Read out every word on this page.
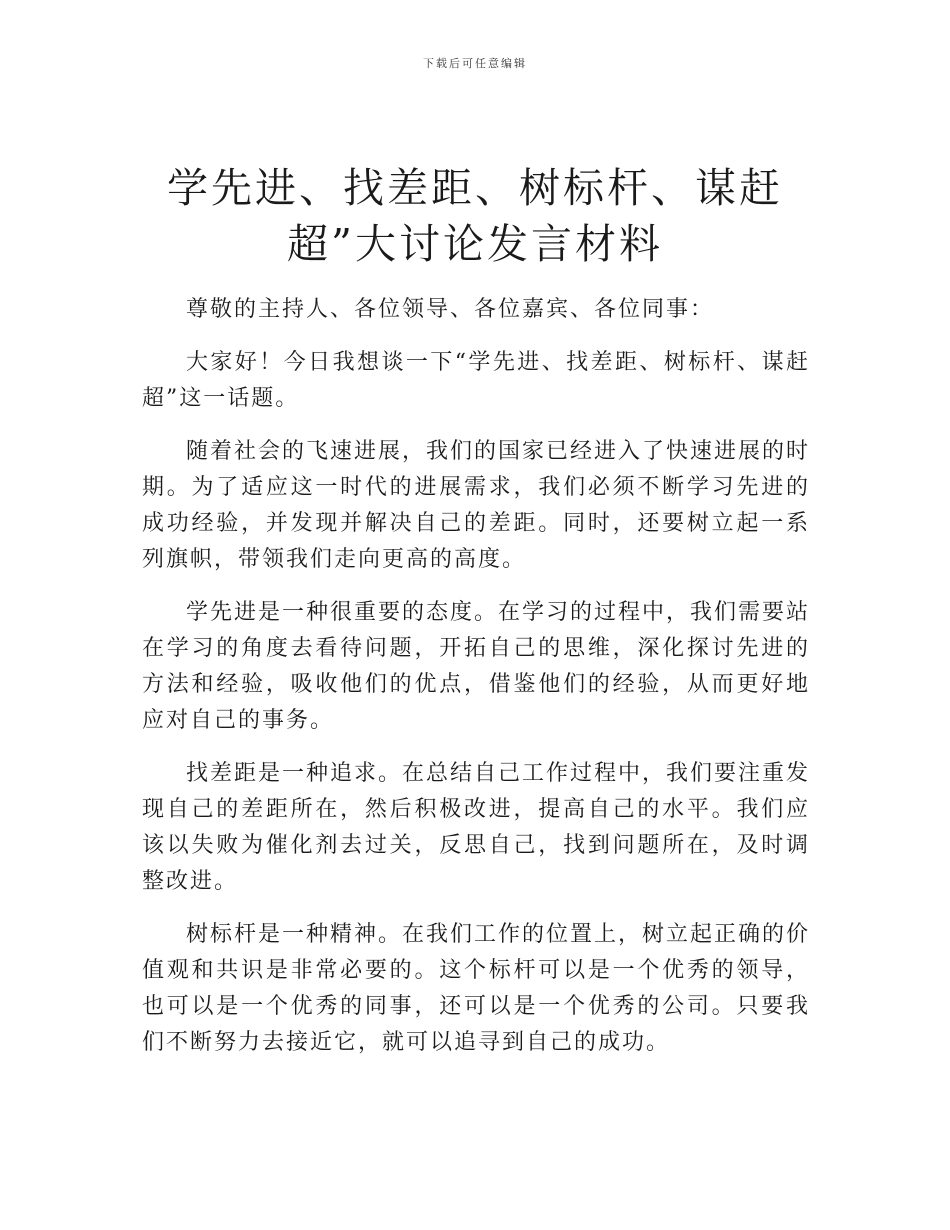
下载后可任意编辑
学先进、找差距、树标杆、谋赶超”大讨论发言材料

尊敬的主持人、各位领导、各位嘉宾、各位同事：

大家好！今日我想谈一下“学先进、找差距、树标杆、谋赶超”这一话题。

随着社会的飞速进展，我们的国家已经进入了快速进展的时期。为了适应这一时代的进展需求，我们必须不断学习先进的成功经验，并发现并解决自己的差距。同时，还要树立起一系列旗帜，带领我们走向更高的高度。

学先进是一种很重要的态度。在学习的过程中，我们需要站在学习的角度去看待问题，开拓自己的思维，深化探讨先进的方法和经验，吸收他们的优点，借鉴他们的经验，从而更好地应对自己的事务。

找差距是一种追求。在总结自己工作过程中，我们要注重发现自己的差距所在，然后积极改进，提高自己的水平。我们应该以失败为催化剂去过关，反思自己，找到问题所在，及时调整改进。

树标杆是一种精神。在我们工作的位置上，树立起正确的价值观和共识是非常必要的。这个标杆可以是一个优秀的领导，也可以是一个优秀的同事，还可以是一个优秀的公司。只要我们不断努力去接近它，就可以追寻到自己的成功。
